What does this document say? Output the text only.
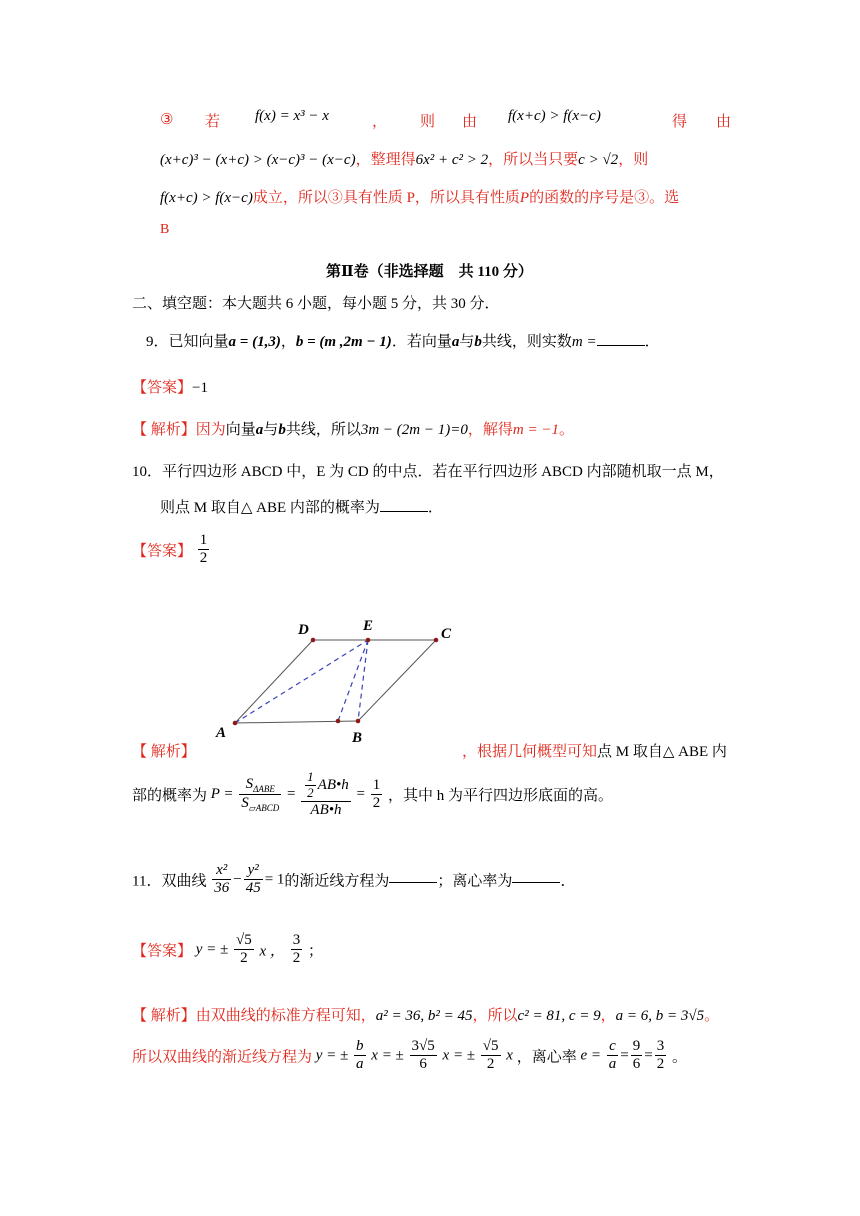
③ 若 f(x) = x³ − x	， 则 由 f(x+c) > f(x−c)	得 由
(x+c)³ − (x+c) > (x−c)³ − (x−c)，整理得6x² + c² > 2，所以当只要c > √2，则
f(x+c) > f(x−c)成立，所以③具有性质 P，所以具有性质P的函数的序号是③。选
B
第Ⅱ卷（非选择题　共 110 分）
二、填空题：本大题共 6 小题，每小题 5 分，共 30 分．
9．已知向量a = (1,3)，b = (m ,2m − 1)．若向量a与b共线，则实数m =	．
【答案】−1
【 解析】因为向量a与b共线，所以3m − (2m − 1)=0，解得m = −1。
10．平行四边形 ABCD 中，E 为 CD 的中点．若在平行四边形 ABCD 内部随机取一点 M，
则点 M 取自△ ABE 内部的概率为	．
【答案】 $\frac{1}{2}$
D	E	C
A	B
【 解析】	，根据几何概型可知点 M 取自△ ABE 内
部的概率为 $P = \frac{S_{\Delta ABE}}{S_{▱ABCD}} = \frac{\frac{1}{2} AB•h}{AB•h} = \frac{1}{2}$ ，其中 h 为平行四边形底面的高。
11．双曲线 $\frac{\text{x²}}{36} - \frac{\text{y²}}{45} = 1$的渐近线方程为	；离心率为	．
【答案】 y = ± $\frac{√5}{2}$ x ， $\frac{3}{2}$ ；
【 解析】由双曲线的标准方程可知，a² = 36, b² = 45，所以c² = 81, c = 9，a = 6, b = 3√5。
所以双曲线的渐近线方程为 y = ± $\frac{b}{a}$ x = ± $\frac{3√5}{6}$ x = ± $\frac{√5}{2}$ x ，离心率 $e = \frac{c}{a} = \frac{9}{6} = \frac{3}{2}$ 。
